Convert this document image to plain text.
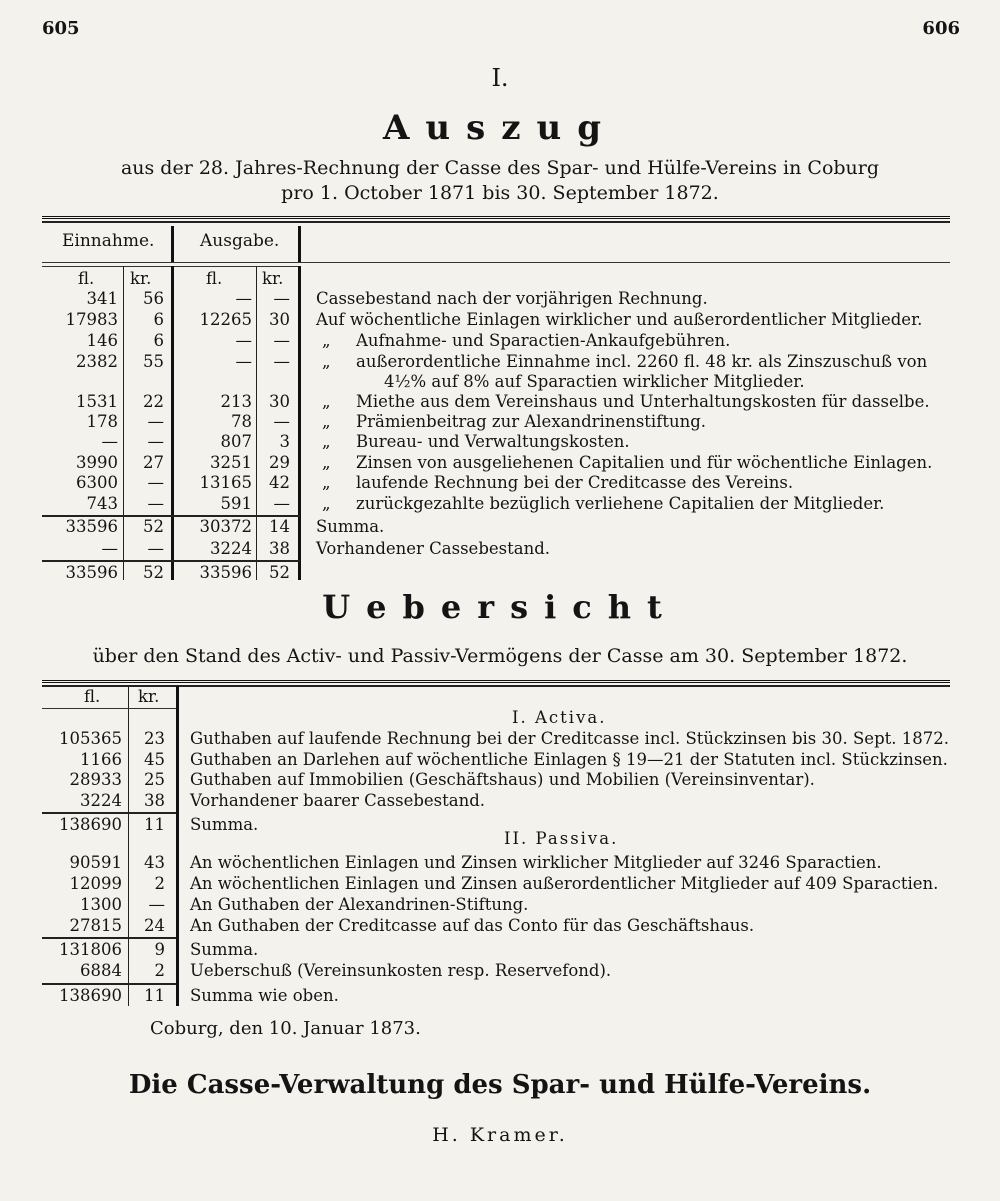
605	606
I.
Auszug
aus der 28. Jahres-Rechnung der Casse des Spar- und Hülfe-Vereins in Coburg
pro 1. October 1871 bis 30. September 1872.
Einnahme.	Ausgabe.
fl. kr.	fl. kr.
341	56	—	— Cassebestand nach der vorjährigen Rechnung.
17983	6	12265	30 Auf wöchentliche Einlagen wirklicher und außerordentlicher Mitglieder.
146	6	—	— „ Aufnahme- und Sparactien-Ankaufgebühren.
2382	55	—	— „ außerordentliche Einnahme incl. 2260 fl. 48 kr. als Zinszuschuß von
4½% auf 8% auf Sparactien wirklicher Mitglieder.
1531	22	213	30 „ Miethe aus dem Vereinshaus und Unterhaltungskosten für dasselbe.
178	—	78	— „ Prämienbeitrag zur Alexandrinenstiftung.
—	—	807	3 „ Bureau- und Verwaltungskosten.
3990	27	3251	29 „ Zinsen von ausgeliehenen Capitalien und für wöchentliche Einlagen.
6300	—	13165	42 „ laufende Rechnung bei der Creditcasse des Vereins.
743	—	591	— „ zurückgezahlte bezüglich verliehene Capitalien der Mitglieder.
33596	52	30372	14 Summa.
—	—	3224	38 Vorhandener Cassebestand.
33596	52	33596	52
Uebersicht
über den Stand des Activ- und Passiv-Vermögens der Casse am 30. September 1872.
fl. kr.
I. Activa.
105365	23 Guthaben auf laufende Rechnung bei der Creditcasse incl. Stückzinsen bis 30. Sept. 1872.
1166	45 Guthaben an Darlehen auf wöchentliche Einlagen § 19—21 der Statuten incl. Stückzinsen.
28933	25 Guthaben auf Immobilien (Geschäftshaus) und Mobilien (Vereinsinventar).
3224	38 Vorhandener baarer Cassebestand.
138690	11 Summa.
II. Passiva.
90591	43 An wöchentlichen Einlagen und Zinsen wirklicher Mitglieder auf 3246 Sparactien.
12099	2 An wöchentlichen Einlagen und Zinsen außerordentlicher Mitglieder auf 409 Sparactien.
1300	— An Guthaben der Alexandrinen-Stiftung.
27815	24 An Guthaben der Creditcasse auf das Conto für das Geschäftshaus.
131806	9 Summa.
6884	2 Ueberschuß (Vereinsunkosten resp. Reservefond).
138690	11 Summa wie oben.
Coburg, den 10. Januar 1873.
Die Casse-Verwaltung des Spar- und Hülfe-Vereins.
H. Kramer.
